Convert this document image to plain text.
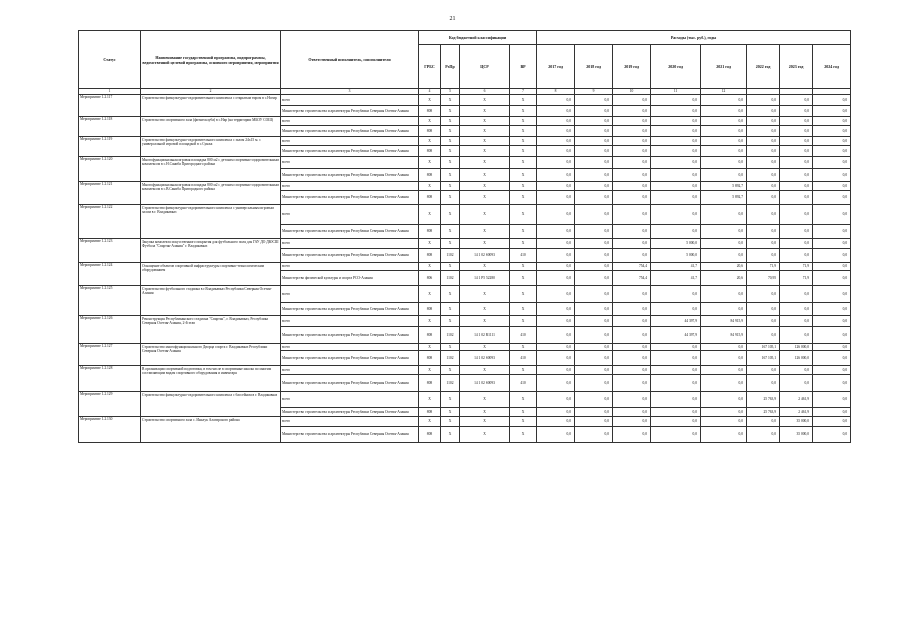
21
Статус	Наименование государственной программы, подпрограммы, ведомственной целевой программы, основного мероприятия, мероприятия	Ответственный исполнитель, соисполнители	Код бюджетной классификации				Расходы (тыс. руб.), годы							
			ГРБС	РзПр	ЦСР	ВР	2017 год	2018 год	2019 год	2020 год	2021 год	2022 год	2023 год	2024 год
1	2	3	4	5	6	7	8	9	10	11	12			
Мероприятие 1.2.117	Строительство физкультурно-оздоровительного комплекса с открытым тиром в с.Ногир	всего	X	X	X	X	0,0	0,0	0,0	0,0	0,0	0,0	0,0	0,0
		Министерство строительства и архитектуры Республики Северная Осетия-Алания	808	X	X	X	0,0	0,0	0,0	0,0	0,0	0,0	0,0	0,0
Мероприятие 1.2.118	Строительство спортивного зала (фитнесклуба) в с.Нар (на территории МБОУ СОШ)	всего	X	X	X	X	0,0	0,0	0,0	0,0	0,0	0,0	0,0	0,0
		Министерство строительства и архитектуры Республики Северная Осетия-Алания	808	X	X	X	0,0	0,0	0,0	0,0	0,0	0,0	0,0	0,0
Мероприятие 1.2.119	Строительство физкультурно-оздоровительного комплекса с залом 24х15 м. с универсальной игровой площадкой в с.Сунжа	всего	X	X	X	X	0,0	0,0	0,0	0,0	0,0	0,0	0,0	0,0
		Министерство строительства и архитектуры Республики Северная Осетия-Алания	808	X	X	X	0,0	0,0	0,0	0,0	0,0	0,0	0,0	0,0
Мероприятие 1.2.120	Многофункциональная игровая площадка 800 м2 с детским спортивно-оздоровительным комплексом в с.Н.Саниба Пригородного района	всего	X	X	X	X	0,0	0,0	0,0	0,0	0,0	0,0	0,0	0,0
		Министерство строительства и архитектуры Республики Северная Осетия-Алания	808	X	X	X	0,0	0,0	0,0	0,0	0,0	0,0	0,0	0,0
Мероприятие 1.2.121	Многофункциональная игровая площадка 800 м2 с детским спортивно-оздоровительным комплексом в с.В.Саниба Пригородного района	всего	X	X	X	X	0,0	0,0	0,0	0,0	5 892,7	0,0	0,0	0,0
		Министерство строительства и архитектуры Республики Северная Осетия-Алания	808	X	X	X	0,0	0,0	0,0	0,0	5 892,7	0,0	0,0	0,0
Мероприятие 1.2.122	Строительство физкультурно-оздоровительного комплекса с универсальным игровым залом в г. Владикавказ	всего	X	X	X	X	0,0	0,0	0,0	0,0	0,0	0,0	0,0	0,0
		Министерство строительства и архитектуры Республики Северная Осетия-Алания	808	X	X	X	0,0	0,0	0,0	0,0	0,0	0,0	0,0	0,0
Мероприятие 1.2.123	Закупка комплекта искусственного покрытия для футбольного поля для ГАУ ДО ДЮСШ Футбола "Спартак-Алания" г. Владикавказ	всего	X	X	X	X	0,0	0,0	0,0	5 000,0	0,0	0,0	0,0	0,0
		Министерство строительства и архитектуры Республики Северная Осетия-Алания	808	1102	14 1 02 S0093	410	0,0	0,0	0,0	5 000,0	0,0	0,0	0,0	0,0
Мероприятие 1.2.124	Оснащение объектов спортивной инфраструктуры спортивно-технологическим оборудованием	всего	X	X	X	X	0,0	0,0	754,4	41,7	20,6	71,9	71,9	0,0
		Министерство физической культуры и спорта РСО-Алания	806	1102	14 1 P5 52280	X	0,0	0,0	754,4	41,7	20,6	70,95	71,9	0,0
Мероприятие 1.2.125	Строительство футбольного стадиона в г.Владикавказ Республики Северная Осетия-Алания	всего	X	X	X	X	0,0	0,0	0,0	0,0	0,0	0,0	0,0	0,0
		Министерство строительства и архитектуры Республики Северная Осетия-Алания	808	X	X	X	0,0	0,0	0,0	0,0	0,0	0,0	0,0	0,0
Мероприятие 1.2.126	Реконструкция Республиканского стадиона "Спартак", г. Владикавказ, Республика Северная Осетия-Алания, 2-й этап	всего	X	X	X	X	0,0	0,0	0,0	44 397,9	84 915,9	0,0	0,0	0,0
		Министерство строительства и архитектуры Республики Северная Осетия-Алания	808	1102	14 1 02 R1111	410	0,0	0,0	0,0	44 397,9	84 915,9	0,0	0,0	0,0
Мероприятие 1.2.127	Строительство многофункционального Дворца спорта г. Владикавказ Республики Северная Осетия-Алания	всего	X	X	X	X	0,0	0,0	0,0	0,0	0,0	167 105,1	126 000,0	0,0
		Министерство строительства и архитектуры Республики Северная Осетия-Алания	808	1102	14 1 02 S0093	410	0,0	0,0	0,0	0,0	0,0	167 105,1	126 000,0	0,0
Мероприятие 1.2.128	В организации спортивной подготовки, в том числе в спортивные школы по многим составляющим видам спортивного оборудования и инвентаря	всего	X	X	X	X	0,0	0,0	0,0	0,0	0,0	0,0	0,0	0,0
		Министерство строительства и архитектуры Республики Северная Осетия-Алания	808	1102	14 1 02 S0093	410	0,0	0,0	0,0	0,0	0,0	0,0	0,0	0,0
Мероприятие 1.2.129	Строительство физкультурно-оздоровительного комплекса с бассейном в г. Владикавказ	всего	X	X	X	X	0,0	0,0	0,0	0,0	0,0	25 763,9	2 461,9	0,0
		Министерство строительства и архитектуры Республики Северная Осетия-Алания	808	X	X	X	0,0	0,0	0,0	0,0	0,0	25 763,9	2 461,9	0,0
Мероприятие 1.2.130	Строительство спортивного зала с. Иналук Алагирского района	всего	X	X	X	X	0,0	0,0	0,0	0,0	0,0	0,0	35 000,0	0,0
		Министерство строительства и архитектуры Республики Северная Осетия-Алания	808	X	X	X	0,0	0,0	0,0	0,0	0,0	0,0	35 000,0	0,0
